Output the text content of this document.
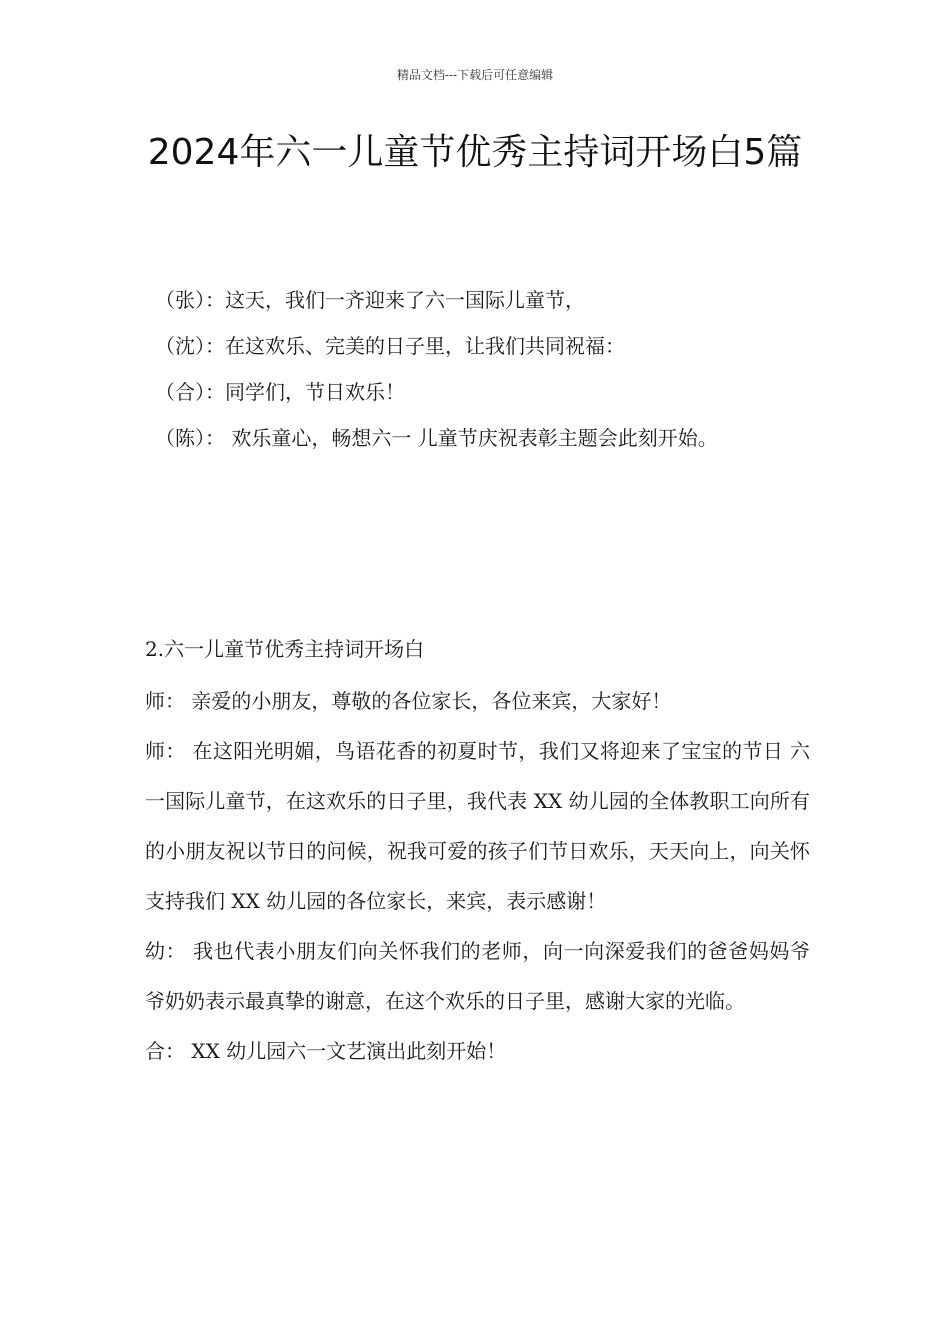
精品文档---下载后可任意编辑
2024年六一儿童节优秀主持词开场白5篇
（张）：这天，我们一齐迎来了六一国际儿童节，
（沈）：在这欢乐、完美的日子里，让我们共同祝福：
（合）：同学们，节日欢乐！
（陈）： 欢乐童心，畅想六一 儿童节庆祝表彰主题会此刻开始。
2.六一儿童节优秀主持词开场白
师： 亲爱的小朋友，尊敬的各位家长，各位来宾，大家好！
师： 在这阳光明媚，鸟语花香的初夏时节，我们又将迎来了宝宝的节日 六一国际儿童节，在这欢乐的日子里，我代表 XX 幼儿园的全体教职工向所有的小朋友祝以节日的问候，祝我可爱的孩子们节日欢乐，天天向上，向关怀支持我们 XX 幼儿园的各位家长，来宾，表示感谢！
幼： 我也代表小朋友们向关怀我们的老师，向一向深爱我们的爸爸妈妈爷爷奶奶表示最真挚的谢意，在这个欢乐的日子里，感谢大家的光临。
合： XX 幼儿园六一文艺演出此刻开始！
